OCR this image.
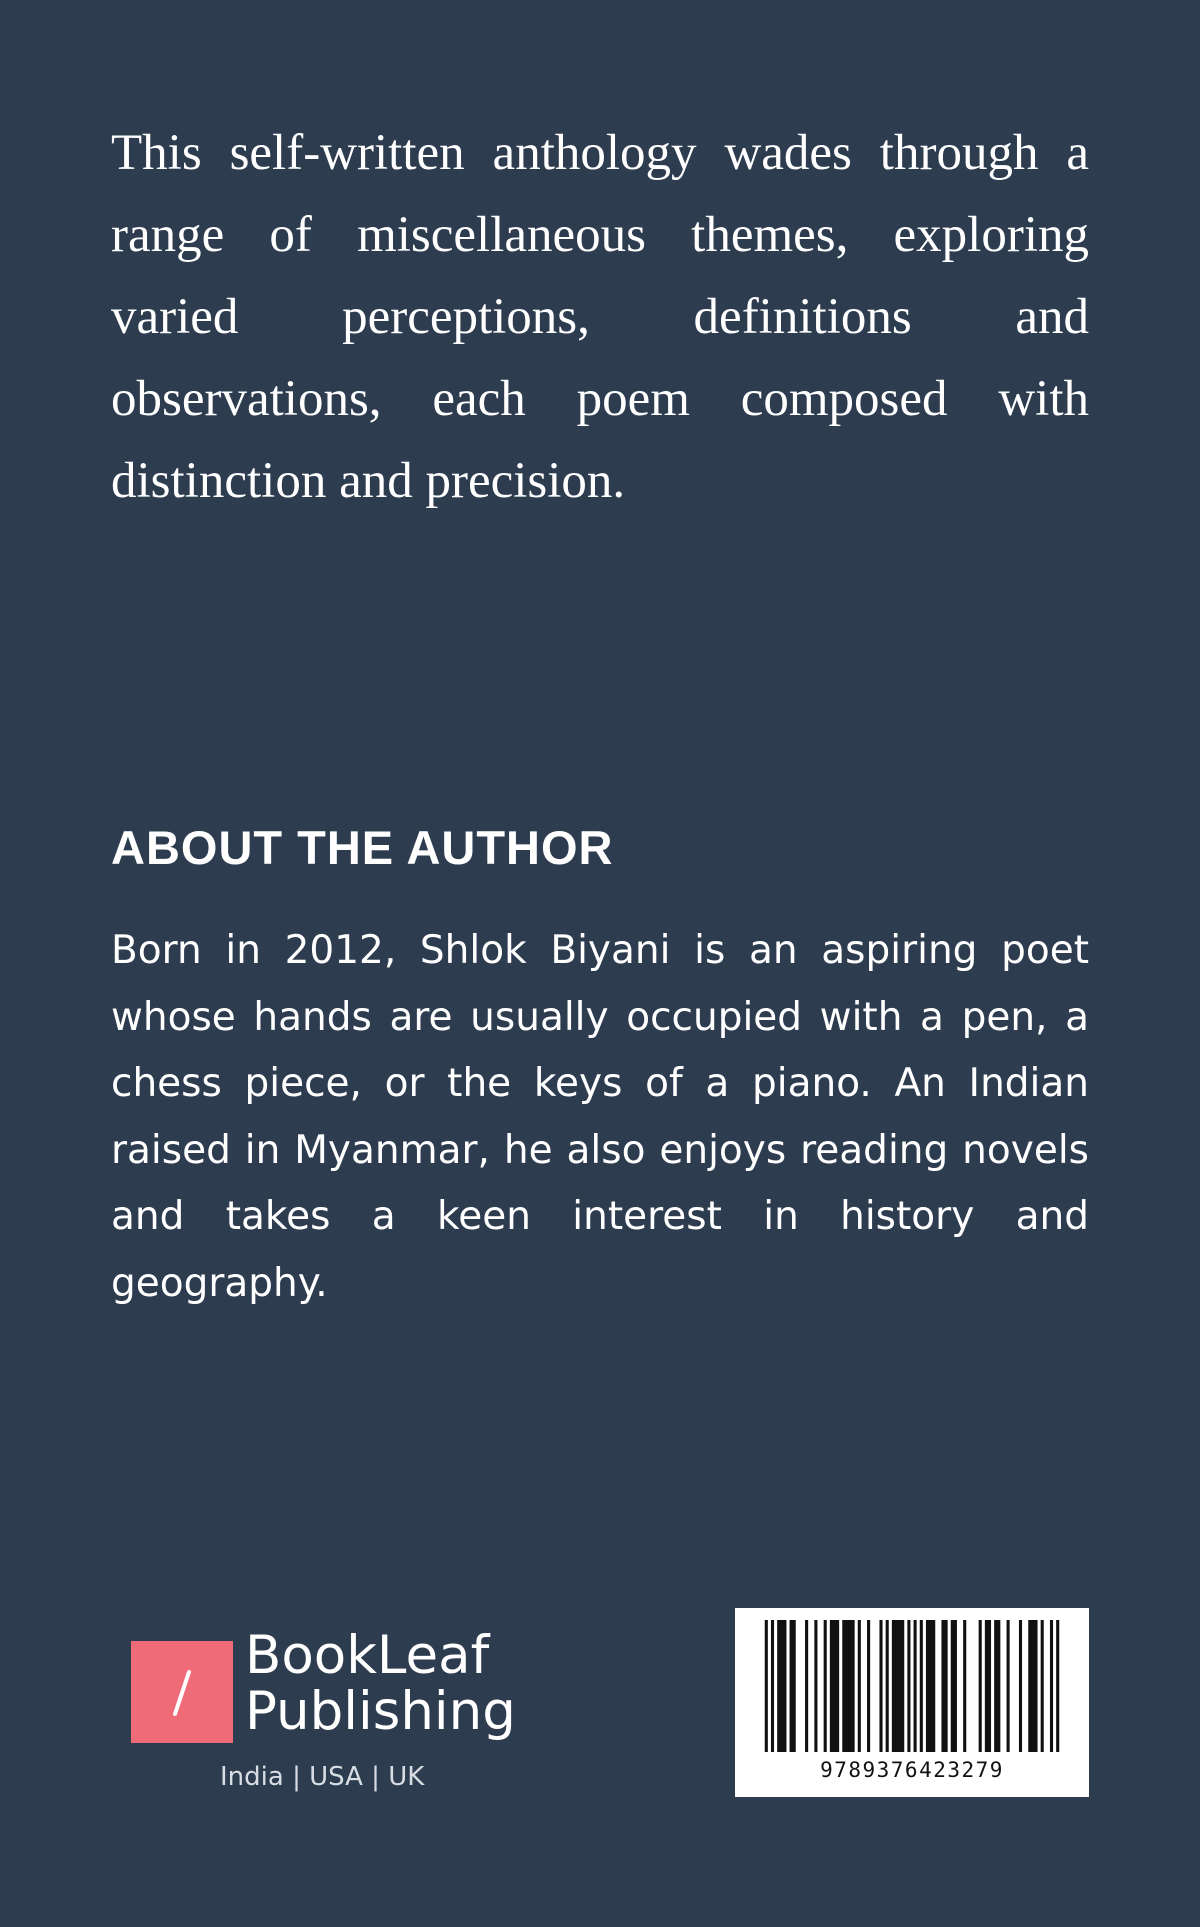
This self-written anthology wades through a range of miscellaneous themes, exploring varied perceptions, definitions and observations, each poem composed with distinction and precision.

ABOUT THE AUTHOR

Born in 2012, Shlok Biyani is an aspiring poet whose hands are usually occupied with a pen, a chess piece, or the keys of a piano. An Indian raised in Myanmar, he also enjoys reading novels and takes a keen interest in history and geography.

BookLeaf
Publishing
India | USA | UK	9789376423279
